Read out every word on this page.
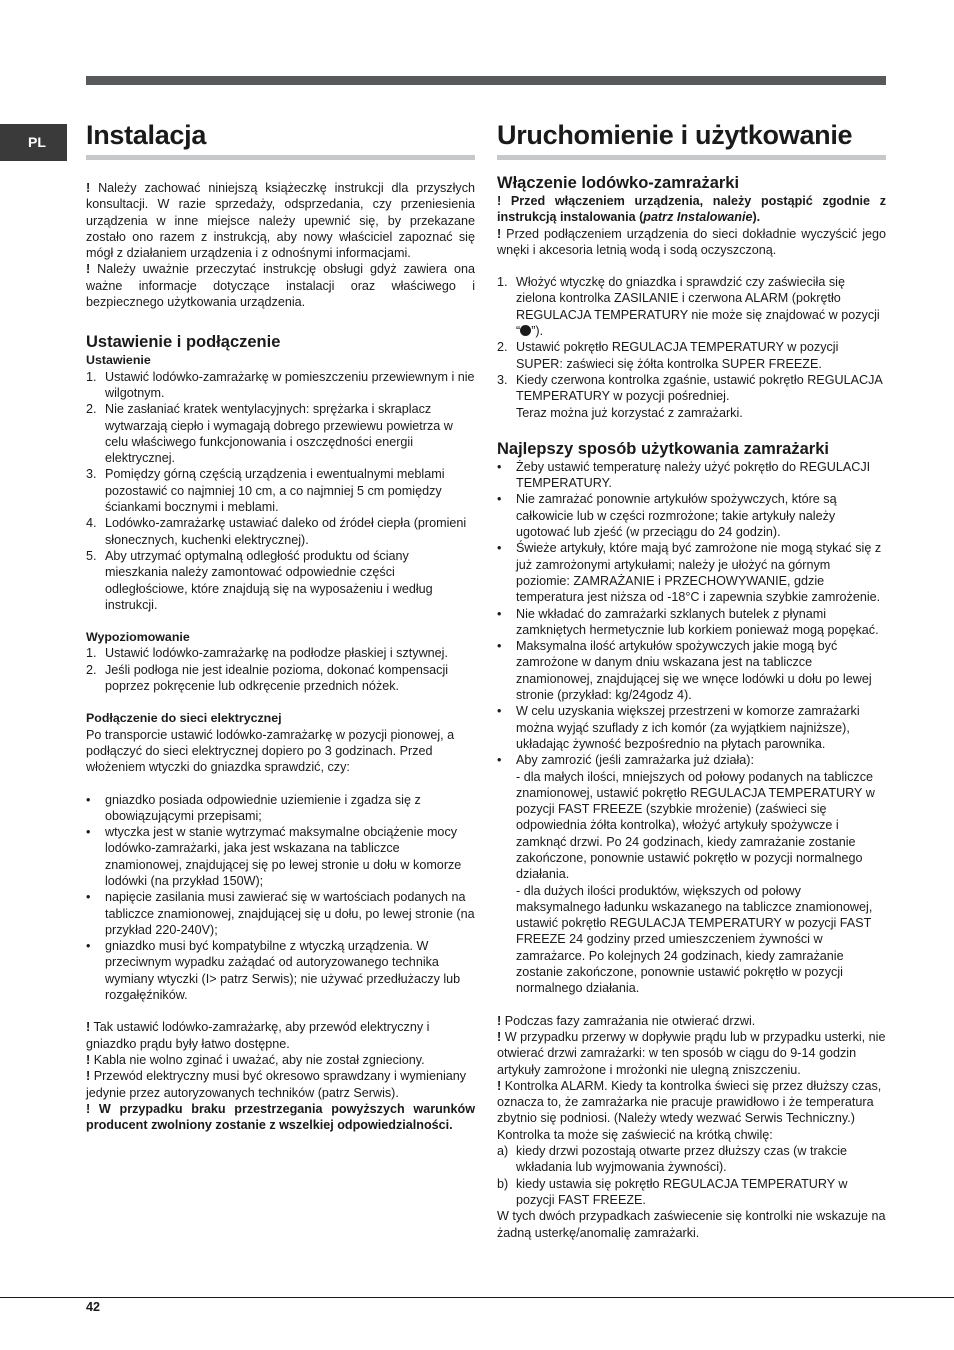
PL	Instalacja

! Należy zachować niniejszą książeczkę instrukcji dla przyszłych konsultacji. W razie sprzedaży, odsprzedania, czy przeniesienia urządzenia w inne miejsce należy upewnić się, by przekazane zostało ono razem z instrukcją, aby nowy właściciel zapoznać się mógł z działaniem urządzenia i z odnośnymi informacjami.

! Należy uważnie przeczytać instrukcję obsługi gdyż zawiera ona ważne informacje dotyczące instalacji oraz właściwego i bezpiecznego użytkowania urządzenia.

Ustawienie i podłączenie
Ustawienie
1. Ustawić lodówko-zamrażarkę w pomieszczeniu przewiewnym i nie wilgotnym.
2. Nie zasłaniać kratek wentylacyjnych: sprężarka i skraplacz wytwarzają ciepło i wymagają dobrego przewiewu powietrza w celu właściwego funkcjonowania i oszczędności energii elektrycznej.
3. Pomiędzy górną częścią urządzenia i ewentualnymi meblami pozostawić co najmniej 10 cm, a co najmniej 5 cm pomiędzy ściankami bocznymi i meblami.
4. Lodówko-zamrażarkę ustawiać daleko od źródeł ciepła (promieni słonecznych, kuchenki elektrycznej).
5. Aby utrzymać optymalną odległość produktu od ściany mieszkania należy zamontować odpowiednie części odległościowe, które znajdują się na wyposażeniu i według instrukcji.
Wypoziomowanie
1. Ustawić lodówko-zamrażarkę na podłodze płaskiej i sztywnej.
2. Jeśli podłoga nie jest idealnie pozioma, dokonać kompensacji poprzez pokręcenie lub odkręcenie przednich nóżek.
Podłączenie do sieci elektrycznej

Po transporcie ustawić lodówko-zamrażarkę w pozycji pionowej, a podłączyć do sieci elektrycznej dopiero po 3 godzinach. Przed włożeniem wtyczki do gniazdka sprawdzić, czy:

• gniazdko posiada odpowiednie uziemienie i zgadza się z obowiązującymi przepisami;
• wtyczka jest w stanie wytrzymać maksymalne obciążenie mocy lodówko-zamrażarki, jaka jest wskazana na tabliczce znamionowej, znajdującej się po lewej stronie u dołu w komorze lodówki (na przykład 150W);
• napięcie zasilania musi zawierać się w wartościach podanych na tabliczce znamionowej, znajdującej się u dołu, po lewej stronie (na przykład 220-240V);
• gniazdko musi być kompatybilne z wtyczką urządzenia. W przeciwnym wypadku zażądać od autoryzowanego technika wymiany wtyczki (I> patrz Serwis); nie używać przedłużaczy lub rozgałęźników.

! Tak ustawić lodówko-zamrażarkę, aby przewód elektryczny i gniazdko prądu były łatwo dostępne.

! Kabla nie wolno zginać i uważać, aby nie został zgnieciony.

! Przewód elektryczny musi być okresowo sprawdzany i wymieniany jedynie przez autoryzowanych techników (patrz Serwis).

! W przypadku braku przestrzegania powyższych warunków producent zwolniony zostanie z wszelkiej odpowiedzialności.

Uruchomienie i użytkowanie
Włączenie lodówko-zamrażarki

! Przed włączeniem urządzenia, należy postąpić zgodnie z instrukcją instalowania (patrz Instalowanie).

! Przed podłączeniem urządzenia do sieci dokładnie wyczyścić jego wnęki i akcesoria letnią wodą i sodą oczyszczoną.

1. Włożyć wtyczkę do gniazdka i sprawdzić czy zaświeciła się zielona kontrolka ZASILANIE i czerwona ALARM (pokrętło REGULACJA TEMPERATURY nie może się znajdować w pozycji “ ”).
2. Ustawić pokrętło REGULACJA TEMPERATURY w pozycji SUPER: zaświeci się żółta kontrolka SUPER FREEZE.
3. Kiedy czerwona kontrolka zgaśnie, ustawić pokrętło REGULACJA TEMPERATURY w pozycji pośredniej.
Teraz można już korzystać z zamrażarki.
Najlepszy sposób użytkowania zamrażarki
• Żeby ustawić temperaturę należy użyć pokrętło do REGULACJI TEMPERATURY.
• Nie zamrażać ponownie artykułów spożywczych, które są całkowicie lub w części rozmrożone; takie artykuły należy ugotować lub zjeść (w przeciągu do 24 godzin).
• Świeże artykuły, które mają być zamrożone nie mogą stykać się z już zamrożonymi artykułami; należy je ułożyć na górnym poziomie: ZAMRAŻANIE i PRZECHOWYWANIE, gdzie temperatura jest niższa od -18°C i zapewnia szybkie zamrożenie.
• Nie wkładać do zamrażarki szklanych butelek z płynami zamkniętych hermetycznie lub korkiem ponieważ mogą popękać.
• Maksymalna ilość artykułów spożywczych jakie mogą być zamrożone w danym dniu wskazana jest na tabliczce znamionowej, znajdującej się we wnęce lodówki u dołu po lewej stronie (przykład: kg/24godz 4).
• W celu uzyskania większej przestrzeni w komorze zamrażarki można wyjąć szuflady z ich komór (za wyjątkiem najniższe), układając żywność bezpośrednio na płytach parownika.
• Aby zamrozić (jeśli zamrażarka już działa):
- dla małych ilości, mniejszych od połowy podanych na tabliczce znamionowej, ustawić pokrętło REGULACJA TEMPERATURY w pozycji FAST FREEZE (szybkie mrożenie) (zaświeci się odpowiednia żółta kontrolka), włożyć artykuły spożywcze i zamknąć drzwi. Po 24 godzinach, kiedy zamrażanie zostanie zakończone, ponownie ustawić pokrętło w pozycji normalnego działania.
- dla dużych ilości produktów, większych od połowy maksymalnego ładunku wskazanego na tabliczce znamionowej, ustawić pokrętło REGULACJA TEMPERATURY w pozycji FAST FREEZE 24 godziny przed umieszczeniem żywności w zamrażarce. Po kolejnych 24 godzinach, kiedy zamrażanie zostanie zakończone, ponownie ustawić pokrętło w pozycji normalnego działania.

! Podczas fazy zamrażania nie otwierać drzwi.

! W przypadku przerwy w dopływie prądu lub w przypadku usterki, nie otwierać drzwi zamrażarki: w ten sposób w ciągu do 9-14 godzin artykuły zamrożone i mrożonki nie ulegną zniszczeniu.

! Kontrolka ALARM. Kiedy ta kontrolka świeci się przez dłuższy czas, oznacza to, że zamrażarka nie pracuje prawidłowo i że temperatura zbytnio się podniosi. (Należy wtedy wezwać Serwis Techniczny.)

Kontrolka ta może się zaświecić na krótką chwilę:

a) kiedy drzwi pozostają otwarte przez dłuższy czas (w trakcie wkładania lub wyjmowania żywności).
b) kiedy ustawia się pokrętło REGULACJA TEMPERATURY w pozycji FAST FREEZE.

W tych dwóch przypadkach zaświecenie się kontrolki nie wskazuje na żadną usterkę/anomalię zamrażarki.

42
